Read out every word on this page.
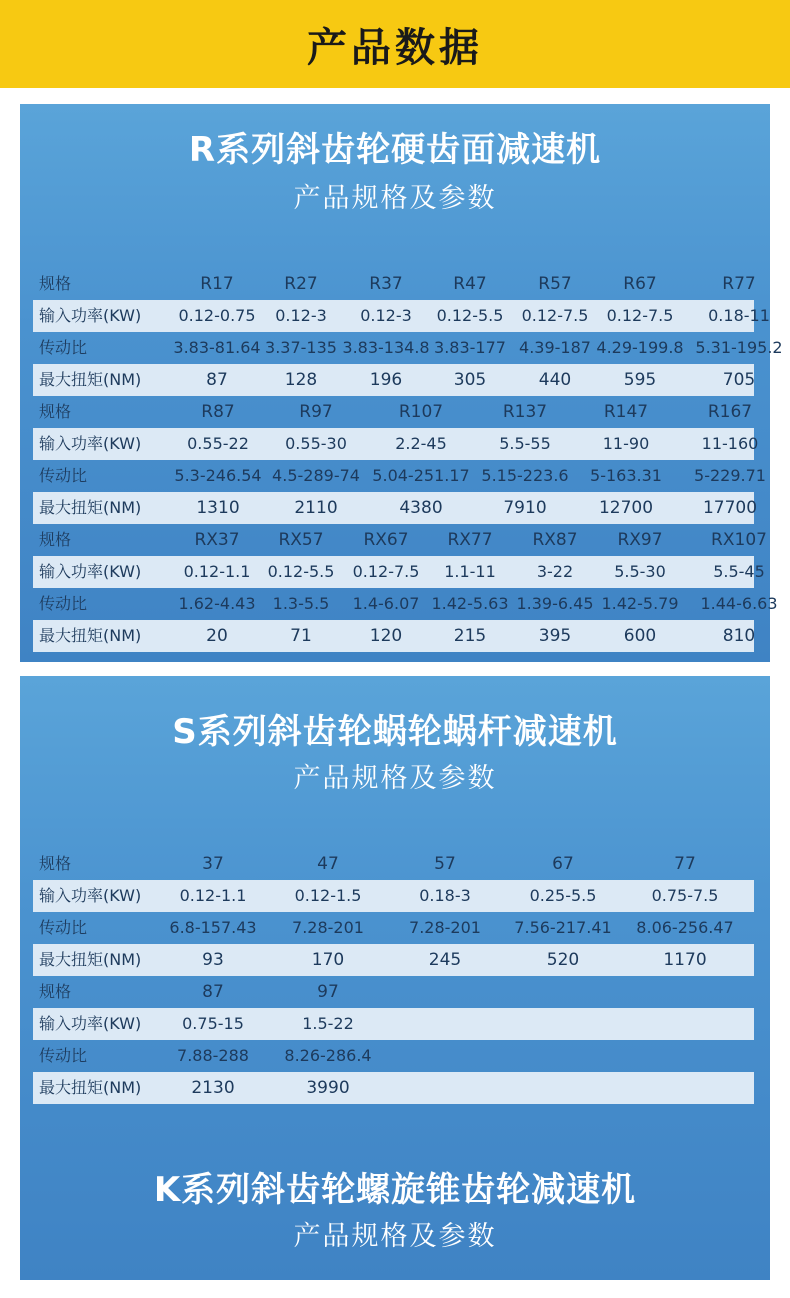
产品数据
R系列斜齿轮硬齿面减速机
产品规格及参数
规格	R17	R27	R37	R47	R57	R67	R77
输入功率(KW) 0.12-0.75 0.12-3 0.12-3 0.12-5.5 0.12-7.5 0.12-7.5 0.18-11
传动比	3.83-81.64 3.37-135 3.83-134.8 3.83-177 4.39-187 4.29-199.8 5.31-195.2
最大扭矩(NM)	87	128	196	305	440	595	705
规格	R87	R97	R107	R137	R147	R167
输入功率(KW)	0.55-22 0.55-30	2.2-45	5.5-55	11-90	11-160
传动比	5.3-246.54 4.5-289-74 5.04-251.17 5.15-223.6 5-163.31 5-229.71
最大扭矩(NM)	1310	2110	4380	7910	12700	17700
规格	RX37 RX57 RX67 RX77 RX87 RX97	RX107
输入功率(KW)	0.12-1.1 0.12-5.5 0.12-7.5 1.1-11	3-22	5.5-30	5.5-45
传动比	1.62-4.43 1.3-5.5 1.4-6.07 1.42-5.63 1.39-6.45 1.42-5.79 1.44-6.63
最大扭矩(NM)	20	71	120	215	395	600	810
S系列斜齿轮蜗轮蜗杆减速机
产品规格及参数
规格	37	47	57	67	77
输入功率(KW) 0.12-1.1	0.12-1.5	0.18-3	0.25-5.5	0.75-7.5
传动比	6.8-157.43 7.28-201	7.28-201 7.56-217.41 8.06-256.47
最大扭矩(NM)	93	170	245	520	1170
规格	87	97
输入功率(KW)	0.75-15	1.5-22
传动比	7.88-288 8.26-286.4
最大扭矩(NM)	2130	3990
K系列斜齿轮螺旋锥齿轮减速机
产品规格及参数
